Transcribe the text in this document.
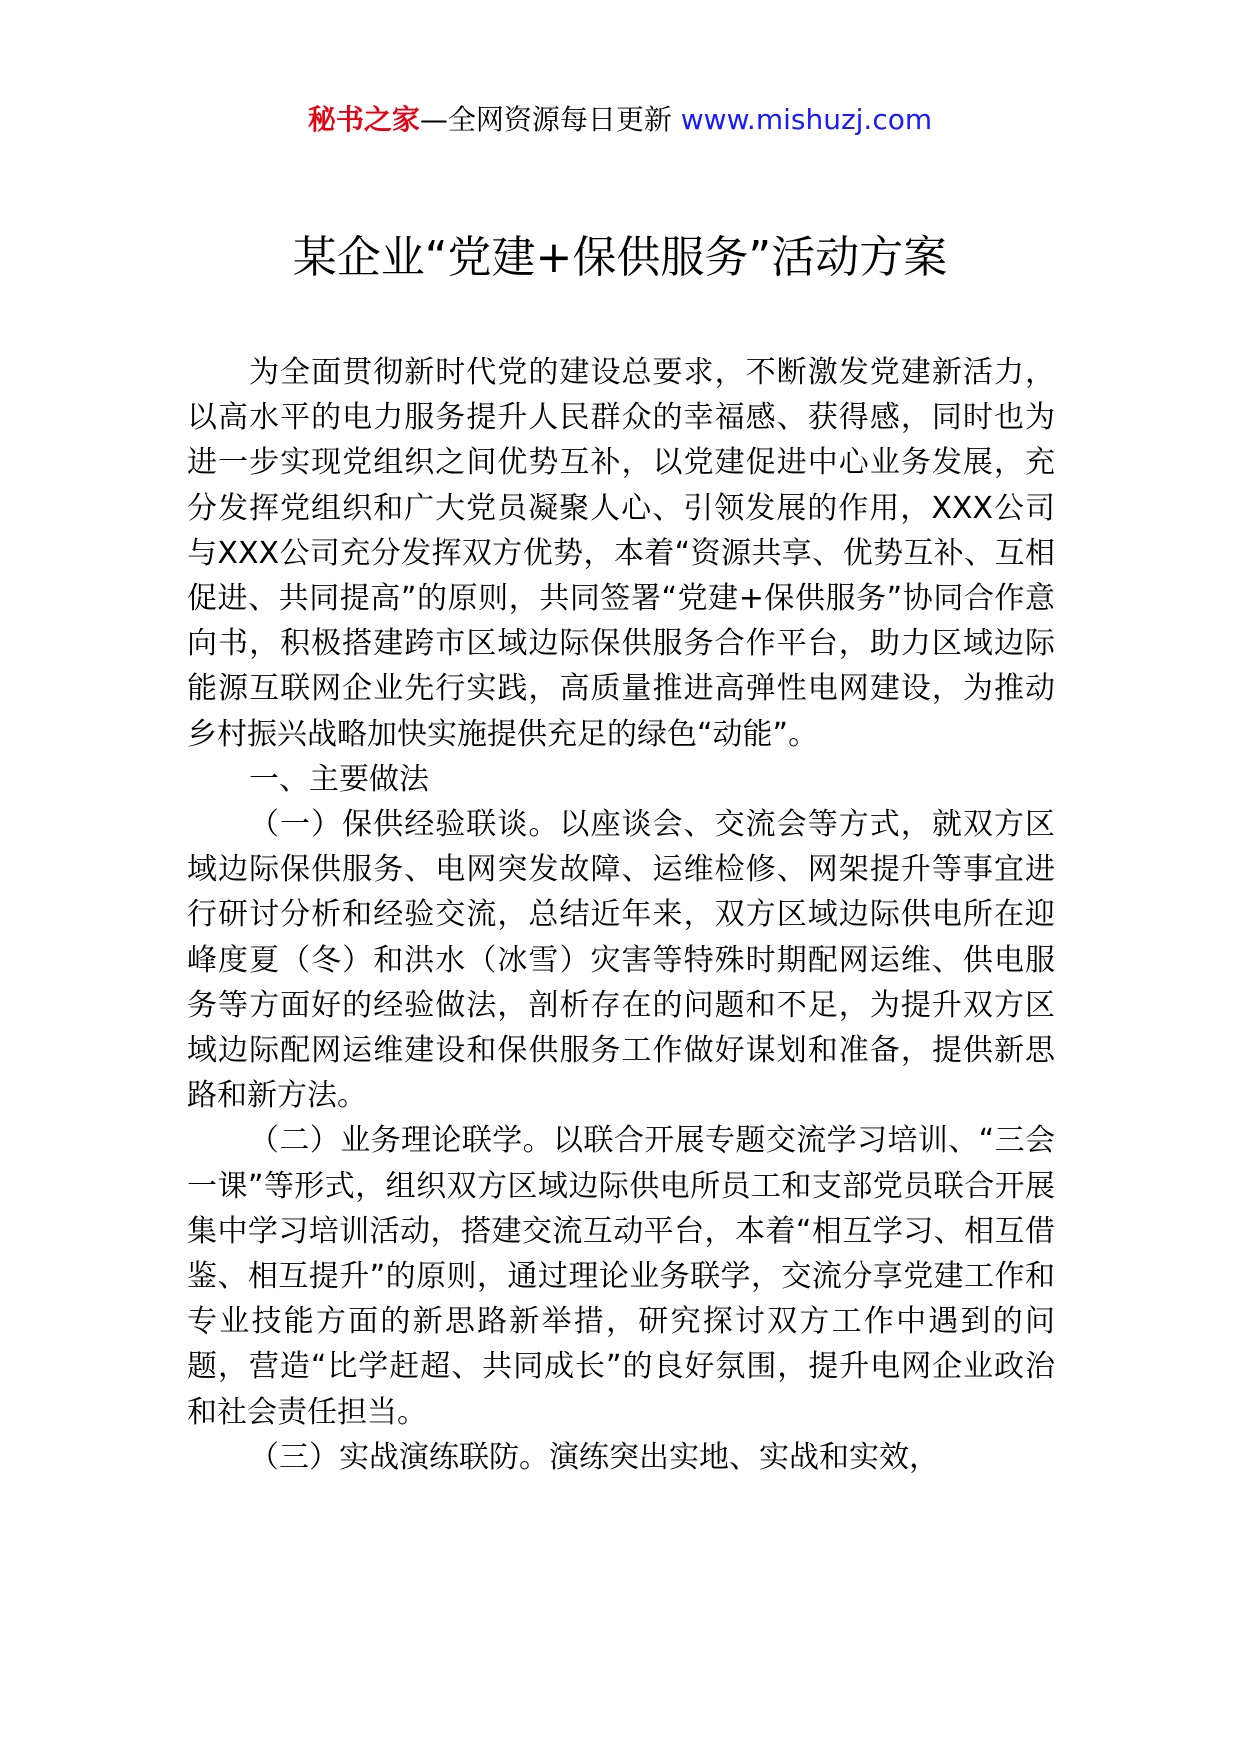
秘书之家—全网资源每日更新 www.mishuzj.com
某企业“党建+保供服务”活动方案

为全面贯彻新时代党的建设总要求，不断激发党建新活力，以高水平的电力服务提升人民群众的幸福感、获得感，同时也为进一步实现党组织之间优势互补，以党建促进中心业务发展，充分发挥党组织和广大党员凝聚人心、引领发展的作用，XXX公司与XXX公司充分发挥双方优势，本着“资源共享、优势互补、互相促进、共同提高”的原则，共同签署“党建+保供服务”协同合作意向书，积极搭建跨市区域边际保供服务合作平台，助力区域边际能源互联网企业先行实践，高质量推进高弹性电网建设，为推动乡村振兴战略加快实施提供充足的绿色“动能”。

一、主要做法

（一）保供经验联谈。以座谈会、交流会等方式，就双方区域边际保供服务、电网突发故障、运维检修、网架提升等事宜进行研讨分析和经验交流，总结近年来，双方区域边际供电所在迎峰度夏（冬）和洪水（冰雪）灾害等特殊时期配网运维、供电服务等方面好的经验做法，剖析存在的问题和不足，为提升双方区域边际配网运维建设和保供服务工作做好谋划和准备，提供新思路和新方法。

（二）业务理论联学。以联合开展专题交流学习培训、“三会一课”等形式，组织双方区域边际供电所员工和支部党员联合开展集中学习培训活动，搭建交流互动平台，本着“相互学习、相互借鉴、相互提升”的原则，通过理论业务联学，交流分享党建工作和专业技能方面的新思路新举措，研究探讨双方工作中遇到的问题，营造“比学赶超、共同成长”的良好氛围，提升电网企业政治和社会责任担当。

（三）实战演练联防。演练突出实地、实战和实效，
